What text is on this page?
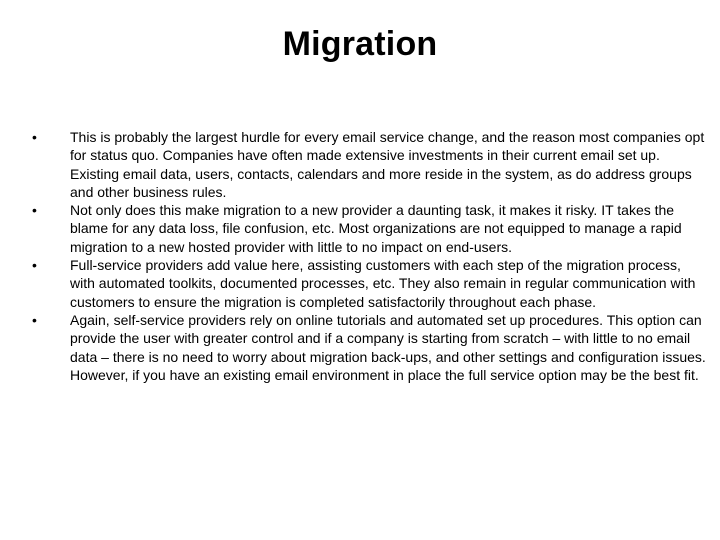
Migration
• This is probably the largest hurdle for every email service change, and the reason most companies opt for status quo. Companies have often made extensive investments in their current email set up. Existing email data, users, contacts, calendars and more reside in the system, as do address groups and other business rules.
• Not only does this make migration to a new provider a daunting task, it makes it risky. IT takes the blame for any data loss, file confusion, etc. Most organizations are not equipped to manage a rapid migration to a new hosted provider with little to no impact on end-users.
• Full-service providers add value here, assisting customers with each step of the migration process, with automated toolkits, documented processes, etc. They also remain in regular communication with customers to ensure the migration is completed satisfactorily throughout each phase.
• Again, self-service providers rely on online tutorials and automated set up procedures. This option can provide the user with greater control and if a company is starting from scratch – with little to no email data – there is no need to worry about migration back-ups, and other settings and configuration issues. However, if you have an existing email environment in place the full service option may be the best fit.
